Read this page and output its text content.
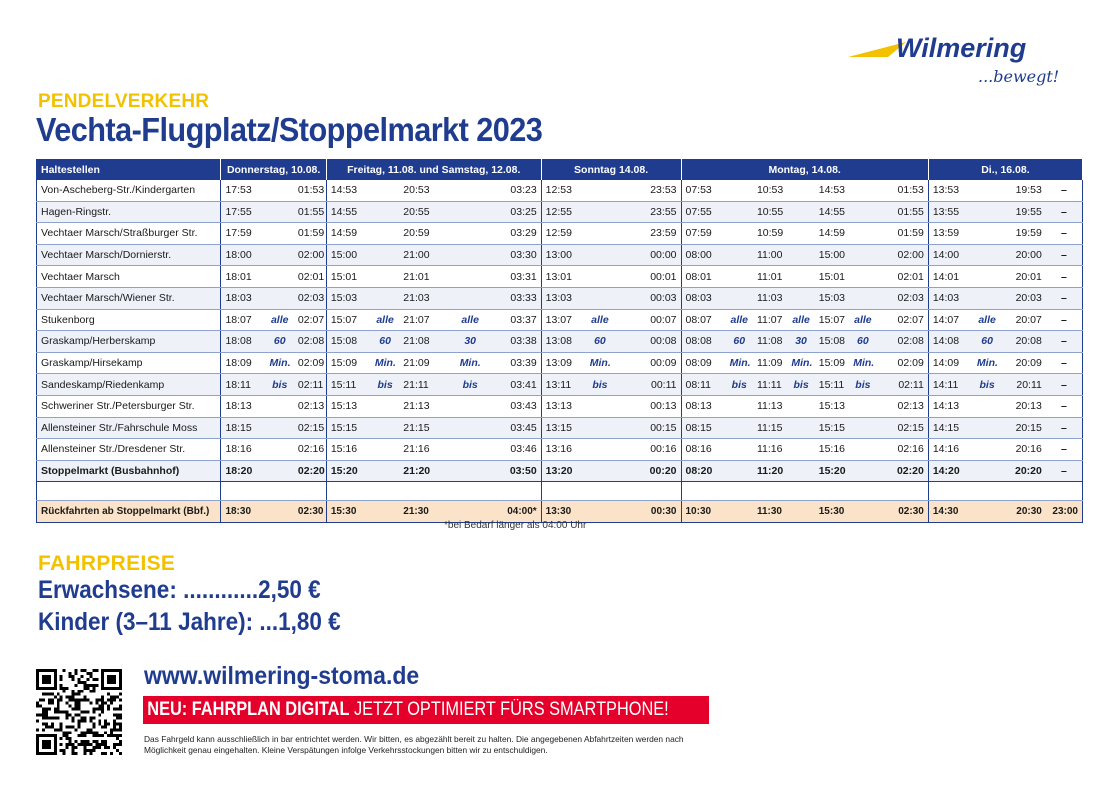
Wilmering
...bewegt!
PENDELVERKEHR
Vechta-Flugplatz/Stoppelmarkt 2023
Haltestellen	Donnerstag, 10.08.			Freitag, 11.08. und Samstag, 12.08.					Sonntag 14.08.			Montag, 14.08.							Di., 16.08.			
Von-Ascheberg-Str./Kindergarten	17:53		01:53	14:53		20:53		03:23	12:53		23:53	07:53		10:53		14:53		01:53	13:53		19:53	–
Hagen-Ringstr.	17:55		01:55	14:55		20:55		03:25	12:55		23:55	07:55		10:55		14:55		01:55	13:55		19:55	–
Vechtaer Marsch/Straßburger Str.	17:59		01:59	14:59		20:59		03:29	12:59		23:59	07:59		10:59		14:59		01:59	13:59		19:59	–
Vechtaer Marsch/Dornierstr.	18:00		02:00	15:00		21:00		03:30	13:00		00:00	08:00		11:00		15:00		02:00	14:00		20:00	–
Vechtaer Marsch	18:01		02:01	15:01		21:01		03:31	13:01		00:01	08:01		11:01		15:01		02:01	14:01		20:01	–
Vechtaer Marsch/Wiener Str.	18:03		02:03	15:03		21:03		03:33	13:03		00:03	08:03		11:03		15:03		02:03	14:03		20:03	–
Stukenborg	18:07	alle	02:07	15:07	alle	21:07	alle	03:37	13:07	alle	00:07	08:07	alle	11:07	alle	15:07	alle	02:07	14:07	alle	20:07	–
Graskamp/Herberskamp	18:08	60	02:08	15:08	60	21:08	30	03:38	13:08	60	00:08	08:08	60	11:08	30	15:08	60	02:08	14:08	60	20:08	–
Graskamp/Hirsekamp	18:09	Min.	02:09	15:09	Min.	21:09	Min.	03:39	13:09	Min.	00:09	08:09	Min.	11:09	Min.	15:09	Min.	02:09	14:09	Min.	20:09	–
Sandeskamp/Riedenkamp	18:11	bis	02:11	15:11	bis	21:11	bis	03:41	13:11	bis	00:11	08:11	bis	11:11	bis	15:11	bis	02:11	14:11	bis	20:11	–
Schweriner Str./Petersburger Str.	18:13		02:13	15:13		21:13		03:43	13:13		00:13	08:13		11:13		15:13		02:13	14:13		20:13	–
Allensteiner Str./Fahrschule Moss	18:15		02:15	15:15		21:15		03:45	13:15		00:15	08:15		11:15		15:15		02:15	14:15		20:15	–
Allensteiner Str./Dresdener Str.	18:16		02:16	15:16		21:16		03:46	13:16		00:16	08:16		11:16		15:16		02:16	14:16		20:16	–
Stoppelmarkt (Busbahnhof)	18:20		02:20	15:20		21:20		03:50	13:20		00:20	08:20		11:20		15:20		02:20	14:20		20:20	–

Rückfahrten ab Stoppelmarkt (Bbf.)	18:30		02:30	15:30		21:30		04:00*	13:30		00:30	10:30		11:30		15:30		02:30	14:30		20:30	23:00
*bei Bedarf länger als 04:00 Uhr
FAHRPREISE
Erwachsene: ............2,50 €
Kinder (3–11 Jahre): ...1,80 €
www.wilmering-stoma.de
NEU: FAHRPLAN DIGITAL JETZT OPTIMIERT FÜRS SMARTPHONE!
Das Fahrgeld kann ausschließlich in bar entrichtet werden. Wir bitten, es abgezählt bereit zu halten. Die angegebenen Abfahrtzeiten werden nach Möglichkeit genau eingehalten. Kleine Verspätungen infolge Verkehrsstockungen bitten wir zu entschuldigen.
